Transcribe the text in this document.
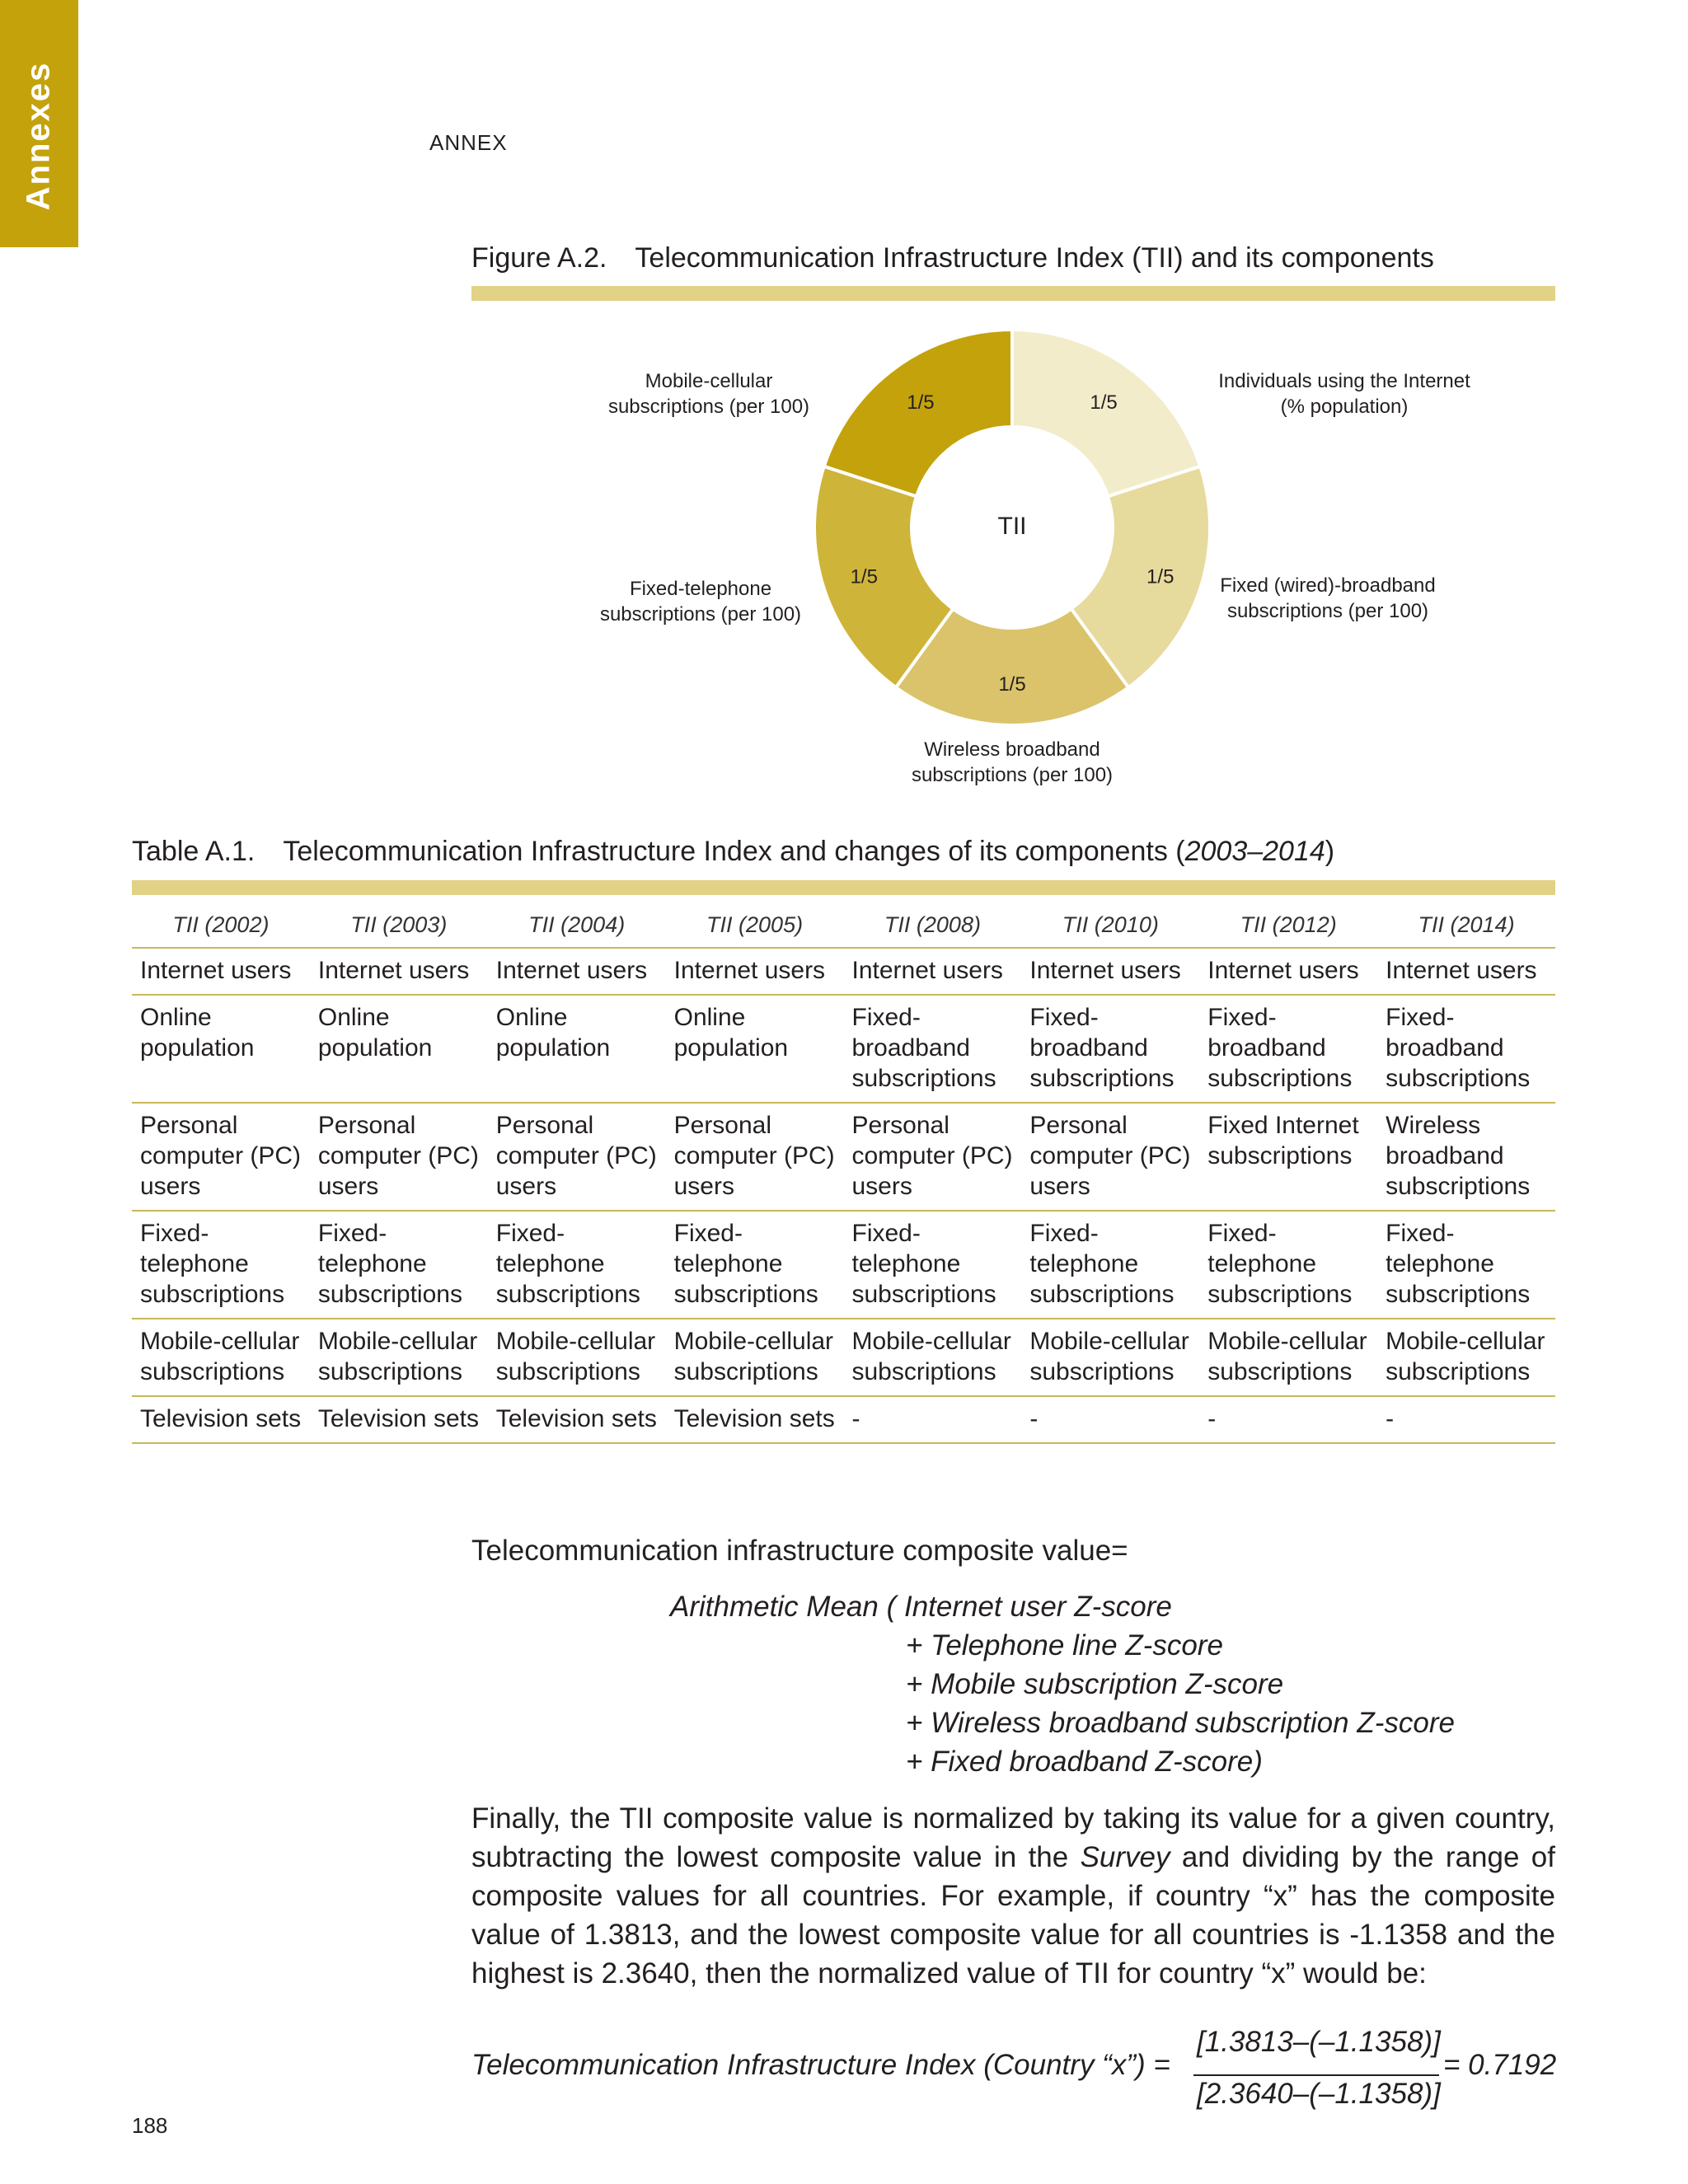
Annexes	ANNEX
Figure A.2. Telecommunication Infrastructure Index (TII) and its components
1/5
1/5
1/5
1/5
1/5
TII
Individuals using the Internet
(% population)
Fixed (wired)-broadband
subscriptions (per 100)
Wireless broadband
subscriptions (per 100)
Fixed-telephone
subscriptions (per 100)
Mobile-cellular
subscriptions (per 100)
Table A.1. Telecommunication Infrastructure Index and changes of its components (2003–2014)
TII (2002)	TII (2003)	TII (2004)	TII (2005)	TII (2008)	TII (2010)	TII (2012)	TII (2014)
Internet users	Internet users	Internet users	Internet users	Internet users	Internet users	Internet users	Internet users
Online population	Online population	Online population	Online population	Fixed-broadband subscriptions	Fixed-broadband subscriptions	Fixed-broadband subscriptions	Fixed-broadband subscriptions
Personal computer (PC) users	Personal computer (PC) users	Personal computer (PC) users	Personal computer (PC) users	Personal computer (PC) users	Personal computer (PC) users	Fixed Internet subscriptions	Wireless broadband subscriptions
Fixed-telephone subscriptions	Fixed-telephone subscriptions	Fixed-telephone subscriptions	Fixed-telephone subscriptions	Fixed-telephone subscriptions	Fixed-telephone subscriptions	Fixed-telephone subscriptions	Fixed-telephone subscriptions
Mobile-cellular subscriptions	Mobile-cellular subscriptions	Mobile-cellular subscriptions	Mobile-cellular subscriptions	Mobile-cellular subscriptions	Mobile-cellular subscriptions	Mobile-cellular subscriptions	Mobile-cellular subscriptions
Television sets	Television sets	Television sets	Television sets	-	-	-	-
Telecommunication infrastructure composite value=
Arithmetic Mean ( Internet user Z-score
+ Telephone line Z-score
+ Mobile subscription Z-score
+ Wireless broadband subscription Z-score
+ Fixed broadband Z-score)
Finally, the TII composite value is normalized by taking its value for a given country, subtracting the lowest composite value in the Survey and dividing by the range of composite values for all countries. For example, if country “x” has the composite value of 1.3813, and the lowest composite value for all countries is -1.1358 and the highest is 2.3640, then the normalized value of TII for country “x” would be:
Telecommunication Infrastructure Index (Country “x”) =
[1.3813–(–1.1358)]
[2.3640–(–1.1358)]
= 0.7192
188
